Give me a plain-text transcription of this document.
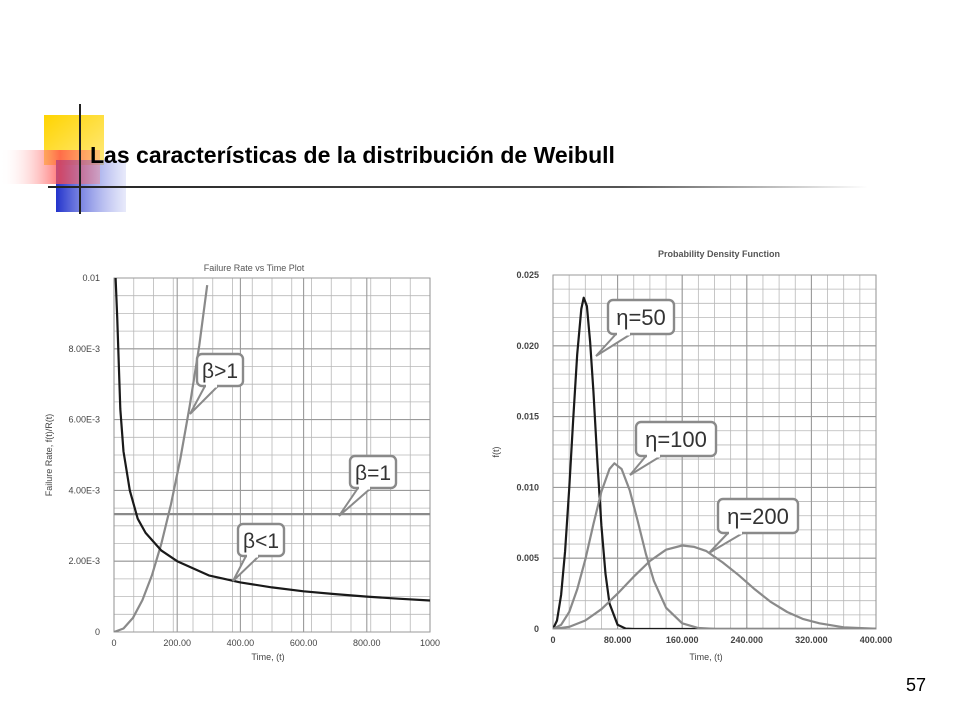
Las características de la distribución de Weibull
Failure Rate vs Time Plot
0	200.00	400.00	600.00	800.00	1000
0
2.00E-3
4.00E-3
6.00E-3
8.00E-3
0.01
Time, (t)
Failure Rate, f(t)/R(t)
β>1
β=1
β<1
Probability Density Function
0	80.000	160.000	240.000	320.000	400.000
0
0.005
0.010
0.015
0.020
0.025
Time, (t)
f(t)
η=50
η=100
η=200
57
